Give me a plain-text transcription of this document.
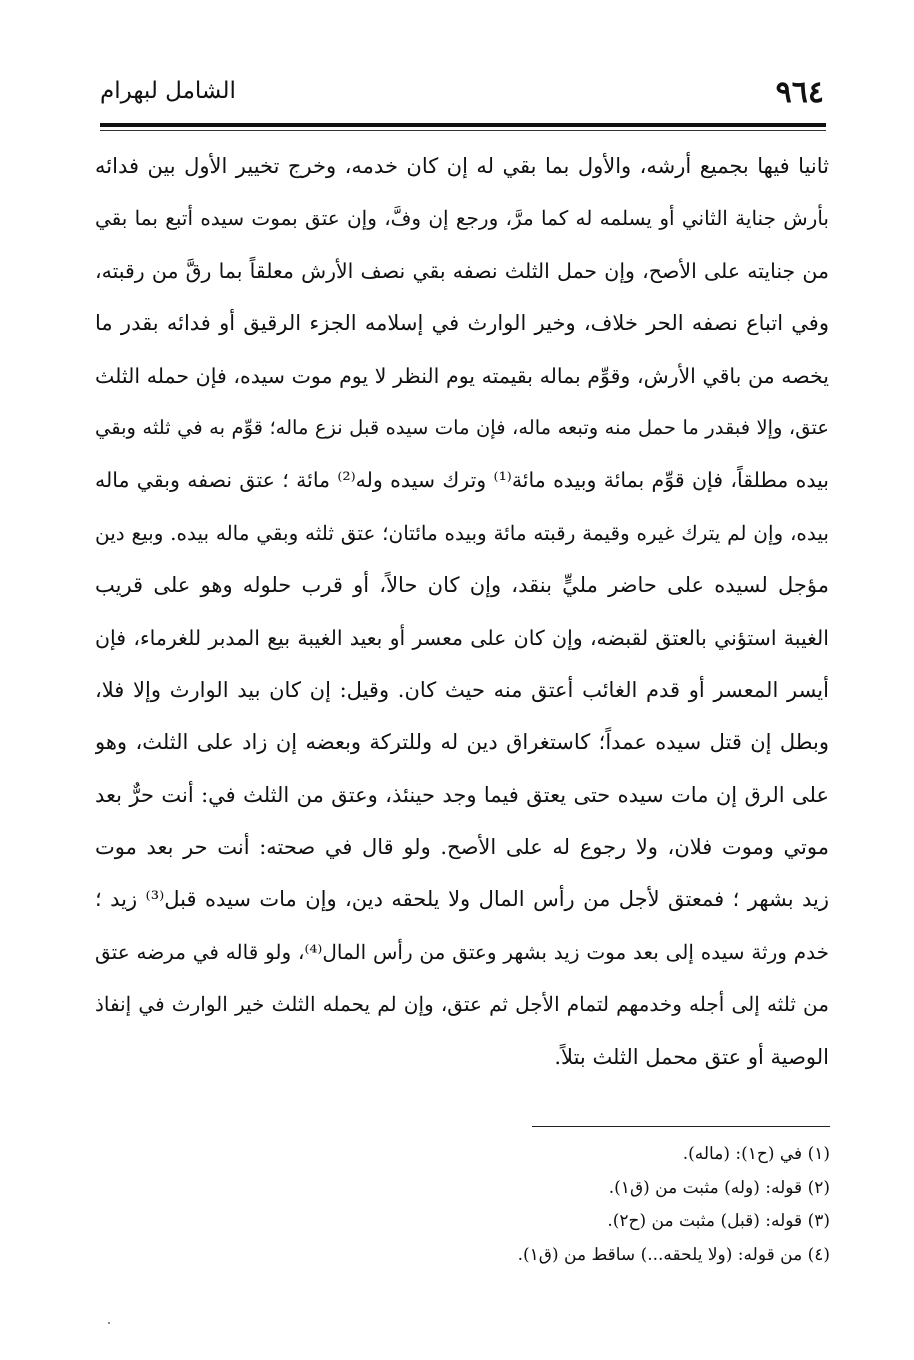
٩٦٤
الشامل لبهرام
ثانيا فيها بجميع أرشه، والأول بما بقي له إن كان خدمه، وخرج تخيير الأول بين فدائه
بأرش جناية الثاني أو يسلمه له كما مرَّ، ورجع إن وفَّ، وإن عتق بموت سيده أتبع بما بقي
من جنايته على الأصح، وإن حمل الثلث نصفه بقي نصف الأرش معلقاً بما رقَّ من رقبته،
وفي اتباع نصفه الحر خلاف، وخير الوارث في إسلامه الجزء الرقيق أو فدائه بقدر ما
يخصه من باقي الأرش، وقوِّم بماله بقيمته يوم النظر لا يوم موت سيده، فإن حمله الثلث
عتق، وإلا فبقدر ما حمل منه وتبعه ماله، فإن مات سيده قبل نزع ماله؛ قوِّم به في ثلثه وبقي
بيده مطلقاً، فإن قوِّم بمائة وبيده مائة⁽¹⁾ وترك سيده وله⁽²⁾ مائة ؛ عتق نصفه وبقي ماله
بيده، وإن لم يترك غيره وقيمة رقبته مائة وبيده مائتان؛ عتق ثلثه وبقي ماله بيده. وبيع دين
مؤجل لسيده على حاضر مليٍّ بنقد، وإن كان حالاً، أو قرب حلوله وهو على قريب
الغيبة استؤني بالعتق لقبضه، وإن كان على معسر أو بعيد الغيبة بيع المدبر للغرماء، فإن
أيسر المعسر أو قدم الغائب أعتق منه حيث كان. وقيل: إن كان بيد الوارث وإلا فلا،
وبطل إن قتل سيده عمداً؛ كاستغراق دين له وللتركة وبعضه إن زاد على الثلث، وهو
على الرق إن مات سيده حتى يعتق فيما وجد حينئذ، وعتق من الثلث في: أنت حرٌّ بعد
موتي وموت فلان، ولا رجوع له على الأصح. ولو قال في صحته: أنت حر بعد موت
زيد بشهر ؛ فمعتق لأجل من رأس المال ولا يلحقه دين، وإن مات سيده قبل⁽³⁾ زيد ؛
خدم ورثة سيده إلى بعد موت زيد بشهر وعتق من رأس المال⁽⁴⁾، ولو قاله في مرضه عتق
من ثلثه إلى أجله وخدمهم لتمام الأجل ثم عتق، وإن لم يحمله الثلث خير الوارث في إنفاذ
الوصية أو عتق محمل الثلث بتلاً.
(١) في (ح١): (ماله).
(٢) قوله: (وله) مثبت من (ق١).
(٣) قوله: (قبل) مثبت من (ح٢).
(٤) من قوله: (ولا يلحقه...) ساقط من (ق١).
